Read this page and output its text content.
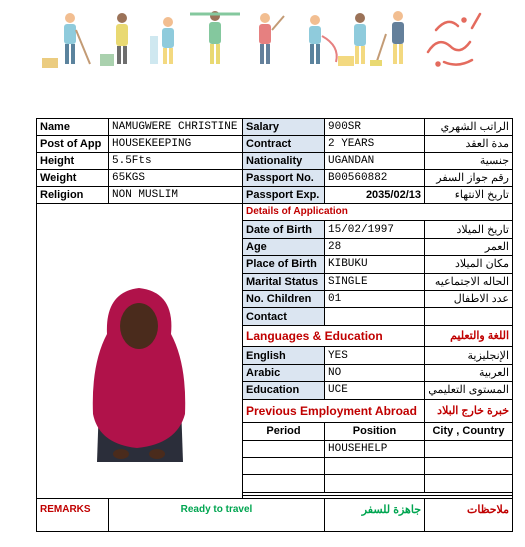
Name	NAMUGWERE CHRISTINE	Salary	900SR	الراتب الشهري
Post of App	HOUSEKEEPING	Contract	2 YEARS	مدة العقد
Height	5.5Fts	Nationality	UGANDAN	جنسية
Weight	65KGS	Passport No.	B00560882	رقم جواز السفر
Religion	NON MUSLIM	Passport Exp.	2035/02/13	تاريخ الانتهاء
	Details of Application		
		Date of Birth	15/02/1997	تاريخ الميلاد
		Age	28	العمر
		Place of Birth	KIBUKU	مكان الميلاد
		Marital Status	SINGLE	الحاله الاجتماعيه
		No. Children	01	عدد الاطفال
		Contact		
		Languages & Education		اللغة والتعليم
		English	YES	الإنجليزية
		Arabic	NO	العربية
		Education	UCE	المستوى التعليمي
		Previous Employment Abroad		خبرة خارج البلاد
		Period	Position	City , Country
			HOUSEHELP	

REMARKS	Ready to travel		جاهزة للسفر	ملاحظات
